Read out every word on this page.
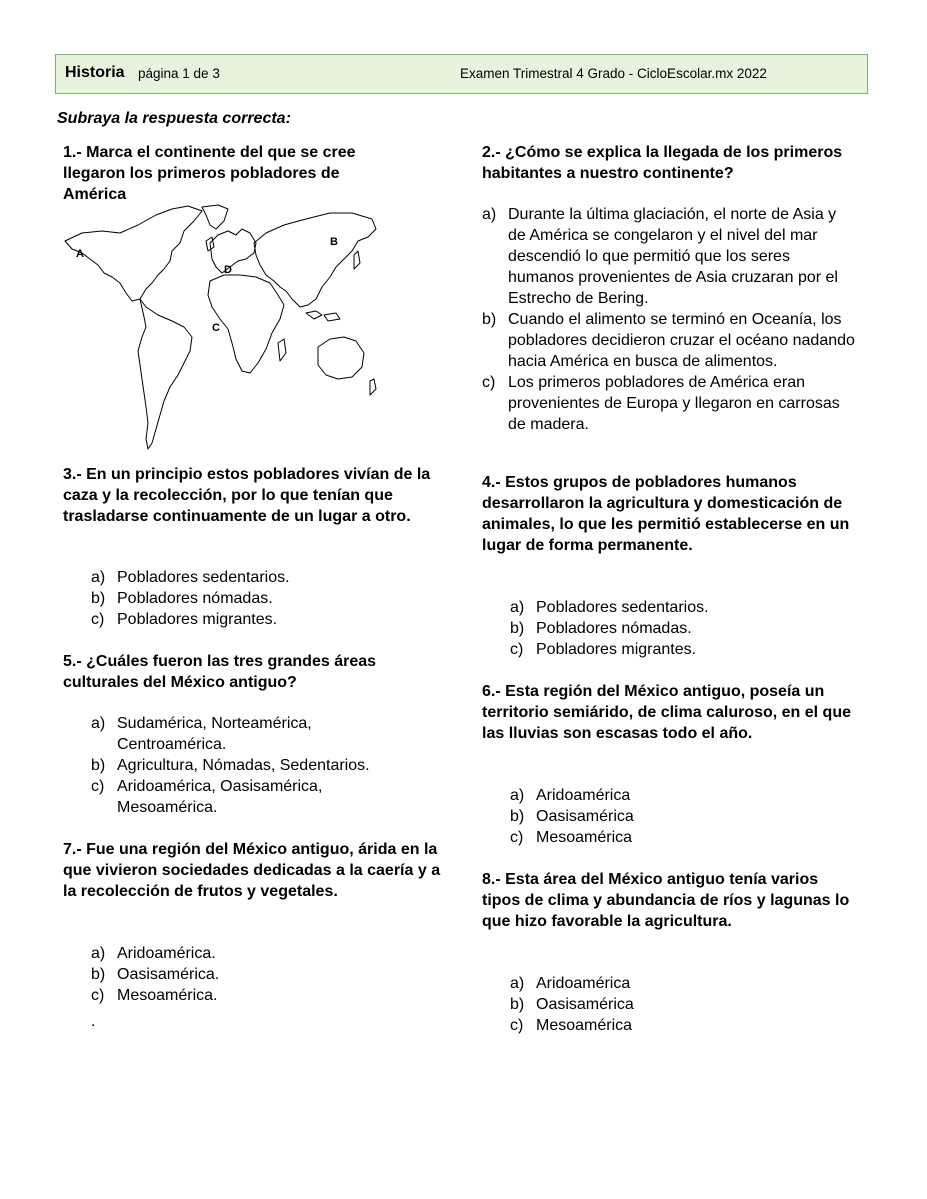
Historia página 1 de 3	Examen Trimestral 4 Grado - CicloEscolar.mx 2022
Subraya la respuesta correcta:
1.- Marca el continente del que se cree llegaron los primeros pobladores de América
A
B
C
D
2.- ¿Cómo se explica la llegada de los primeros habitantes a nuestro continente?
a) Durante la última glaciación, el norte de Asia y de América se congelaron y el nivel del mar descendió lo que permitió que los seres humanos provenientes de Asia cruzaran por el Estrecho de Bering.
b) Cuando el alimento se terminó en Oceanía, los pobladores decidieron cruzar el océano nadando hacia América en busca de alimentos.
c) Los primeros pobladores de América eran provenientes de Europa y llegaron en carrosas de madera.
3.- En un principio estos pobladores vivían de la caza y la recolección, por lo que tenían que trasladarse continuamente de un lugar a otro.
a) Pobladores sedentarios.
b) Pobladores nómadas.
c) Pobladores migrantes.
4.- Estos grupos de pobladores humanos desarrollaron la agricultura y domesticación de animales, lo que les permitió establecerse en un lugar de forma permanente.
a) Pobladores sedentarios.
b) Pobladores nómadas.
c) Pobladores migrantes.
5.- ¿Cuáles fueron las tres grandes áreas culturales del México antiguo?
a) Sudamérica, Norteamérica, Centroamérica.
b) Agricultura, Nómadas, Sedentarios.
c) Aridoamérica, Oasisamérica, Mesoamérica.
6.- Esta región del México antiguo, poseía un territorio semiárido, de clima caluroso, en el que las lluvias son escasas todo el año.
a) Aridoamérica
b) Oasisamérica
c) Mesoamérica
7.- Fue una región del México antiguo, árida en la que vivieron sociedades dedicadas a la caería y a la recolección de frutos y vegetales.
a) Aridoamérica.
b) Oasisamérica.
c) Mesoamérica.
.
8.- Esta área del México antiguo tenía varios tipos de clima y abundancia de ríos y lagunas lo que hizo favorable la agricultura.
a) Aridoamérica
b) Oasisamérica
c) Mesoamérica
